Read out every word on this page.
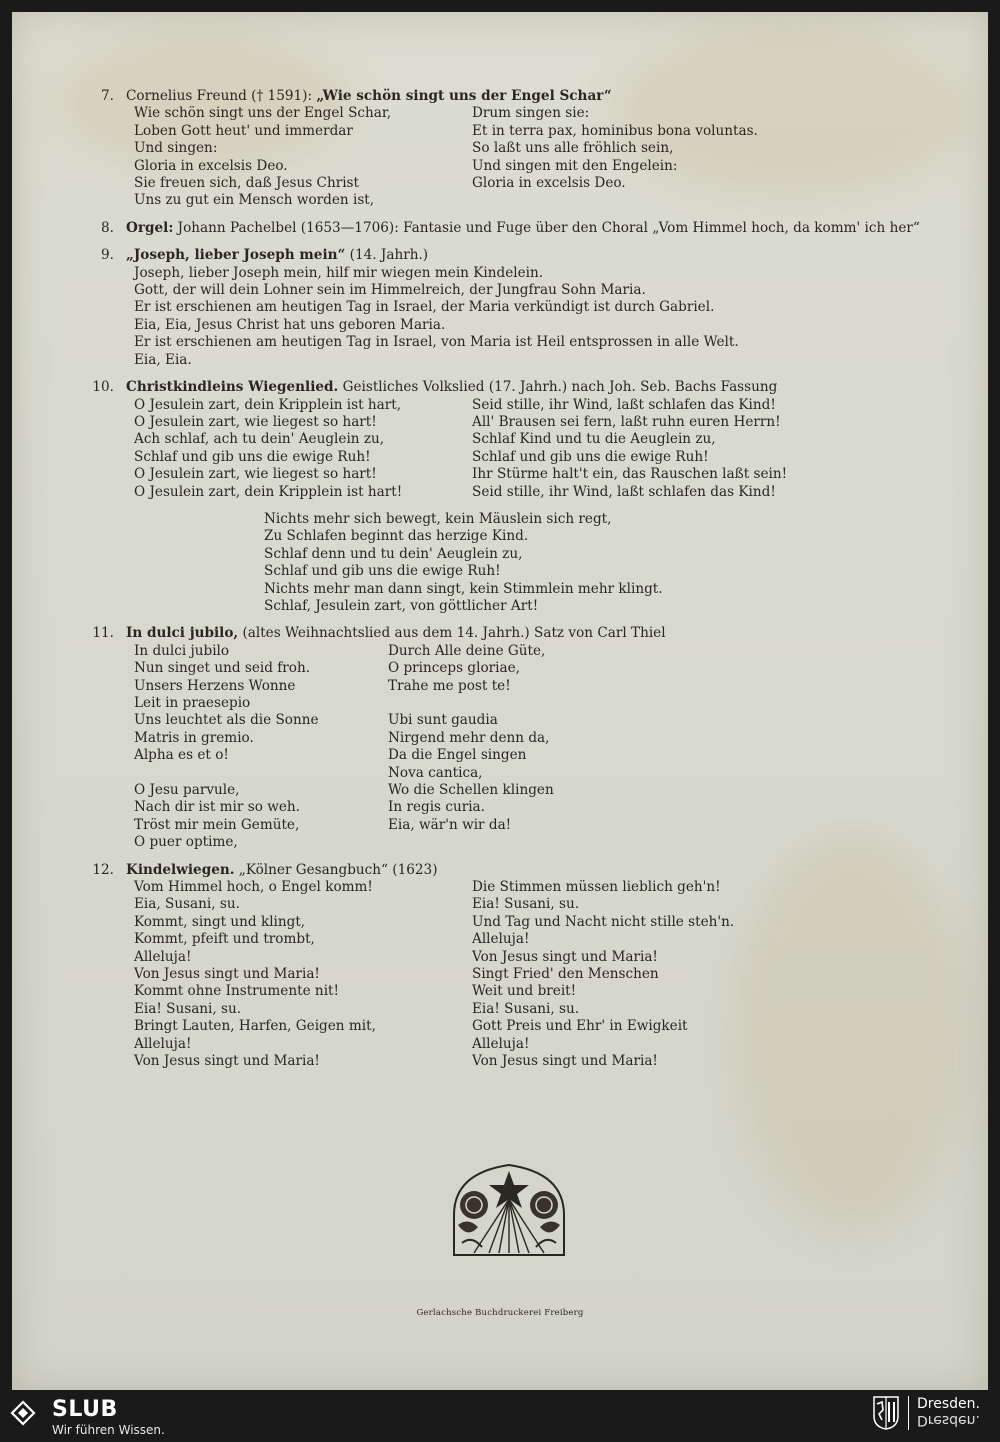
7. Cornelius Freund († 1591): „Wie schön singt uns der Engel Schar“
Wie schön singt uns der Engel Schar,
Loben Gott heut' und immerdar
Und singen:
Gloria in excelsis Deo.
Sie freuen sich, daß Jesus Christ
Uns zu gut ein Mensch worden ist,
Drum singen sie:
Et in terra pax, hominibus bona voluntas.
So laßt uns alle fröhlich sein,
Und singen mit den Engelein:
Gloria in excelsis Deo.
8. Orgel: Johann Pachelbel (1653—1706): Fantasie und Fuge über den Choral „Vom Himmel hoch, da komm' ich her“
9. „Joseph, lieber Joseph mein“ (14. Jahrh.)
Joseph, lieber Joseph mein, hilf mir wiegen mein Kindelein.
Gott, der will dein Lohner sein im Himmelreich, der Jungfrau Sohn Maria.
Er ist erschienen am heutigen Tag in Israel, der Maria verkündigt ist durch Gabriel.
Eia, Eia, Jesus Christ hat uns geboren Maria.
Er ist erschienen am heutigen Tag in Israel, von Maria ist Heil entsprossen in alle Welt.
Eia, Eia.
10. Christkindleins Wiegenlied. Geistliches Volkslied (17. Jahrh.) nach Joh. Seb. Bachs Fassung
O Jesulein zart, dein Kripplein ist hart,
O Jesulein zart, wie liegest so hart!
Ach schlaf, ach tu dein' Aeuglein zu,
Schlaf und gib uns die ewige Ruh!
O Jesulein zart, wie liegest so hart!
O Jesulein zart, dein Kripplein ist hart!
Seid stille, ihr Wind, laßt schlafen das Kind!
All' Brausen sei fern, laßt ruhn euren Herrn!
Schlaf Kind und tu die Aeuglein zu,
Schlaf und gib uns die ewige Ruh!
Ihr Stürme halt't ein, das Rauschen laßt sein!
Seid stille, ihr Wind, laßt schlafen das Kind!
Nichts mehr sich bewegt, kein Mäuslein sich regt,
Zu Schlafen beginnt das herzige Kind.
Schlaf denn und tu dein' Aeuglein zu,
Schlaf und gib uns die ewige Ruh!
Nichts mehr man dann singt, kein Stimmlein mehr klingt.
Schlaf, Jesulein zart, von göttlicher Art!
11. In dulci jubilo, (altes Weihnachtslied aus dem 14. Jahrh.) Satz von Carl Thiel
In dulci jubilo
Nun singet und seid froh.
Unsers Herzens Wonne
Leit in praesepio
Uns leuchtet als die Sonne
Matris in gremio.
Alpha es et o!
O Jesu parvule,
Nach dir ist mir so weh.
Tröst mir mein Gemüte,
O puer optime,
Durch Alle deine Güte,
O princeps gloriae,
Trahe me post te!
Ubi sunt gaudia
Nirgend mehr denn da,
Da die Engel singen
Nova cantica,
Wo die Schellen klingen
In regis curia.
Eia, wär'n wir da!
12. Kindelwiegen. „Kölner Gesangbuch“ (1623)
Vom Himmel hoch, o Engel komm!
Eia, Susani, su.
Kommt, singt und klingt,
Kommt, pfeift und trombt,
Alleluja!
Von Jesus singt und Maria!
Kommt ohne Instrumente nit!
Eia! Susani, su.
Bringt Lauten, Harfen, Geigen mit,
Alleluja!
Von Jesus singt und Maria!
Die Stimmen müssen lieblich geh'n!
Eia! Susani, su.
Und Tag und Nacht nicht stille steh'n.
Alleluja!
Von Jesus singt und Maria!
Singt Fried' den Menschen
Weit und breit!
Eia! Susani, su.
Gott Preis und Ehr' in Ewigkeit
Alleluja!
Von Jesus singt und Maria!
Gerlachsche Buchdruckerei Freiberg
SLUB
Wir führen Wissen.
Dresden.
Dresden.
